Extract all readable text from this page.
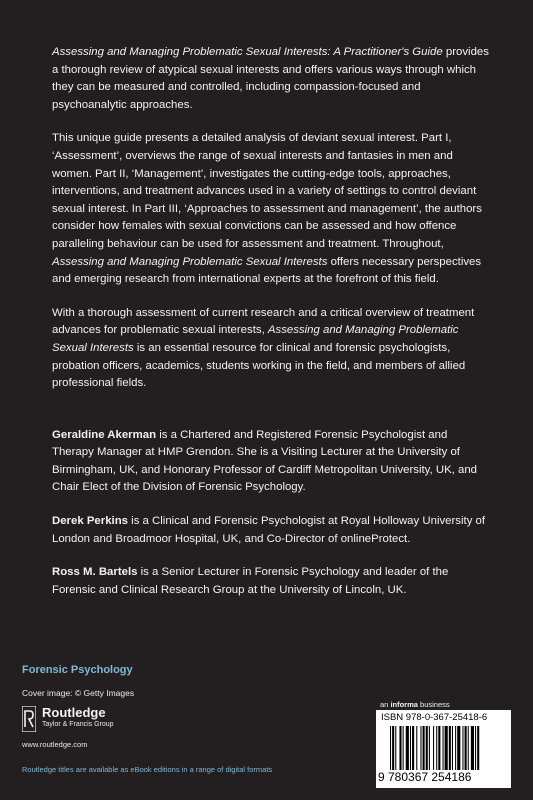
Assessing and Managing Problematic Sexual Interests: A Practitioner's Guide provides a thorough review of atypical sexual interests and offers various ways through which they can be measured and controlled, including compassion-focused and psychoanalytic approaches.

This unique guide presents a detailed analysis of deviant sexual interest. Part I, ‘Assessment’, overviews the range of sexual interests and fantasies in men and women. Part II, ‘Management’, investigates the cutting-edge tools, approaches, interventions, and treatment advances used in a variety of settings to control deviant sexual interest. In Part III, ‘Approaches to assessment and management’, the authors consider how females with sexual convictions can be assessed and how offence paralleling behaviour can be used for assessment and treatment. Throughout, Assessing and Managing Problematic Sexual Interests offers necessary perspectives and emerging research from international experts at the forefront of this field.

With a thorough assessment of current research and a critical overview of treatment advances for problematic sexual interests, Assessing and Managing Problematic Sexual Interests is an essential resource for clinical and forensic psychologists, probation officers, academics, students working in the field, and members of allied professional fields.

Geraldine Akerman is a Chartered and Registered Forensic Psychologist and Therapy Manager at HMP Grendon. She is a Visiting Lecturer at the University of Birmingham, UK, and Honorary Professor of Cardiff Metropolitan University, UK, and Chair Elect of the Division of Forensic Psychology.

Derek Perkins is a Clinical and Forensic Psychologist at Royal Holloway University of London and Broadmoor Hospital, UK, and Co-Director of onlineProtect.

Ross M. Bartels is a Senior Lecturer in Forensic Psychology and leader of the Forensic and Clinical Research Group at the University of Lincoln, UK.

Forensic Psychology
Cover image: © Getty Images
Routledge
Taylor & Francis Group
www.routledge.com
Routledge titles are available as eBook editions in a range of digital formats
an informa business
ISBN 978-0-367-25418-6
9 780367 254186
